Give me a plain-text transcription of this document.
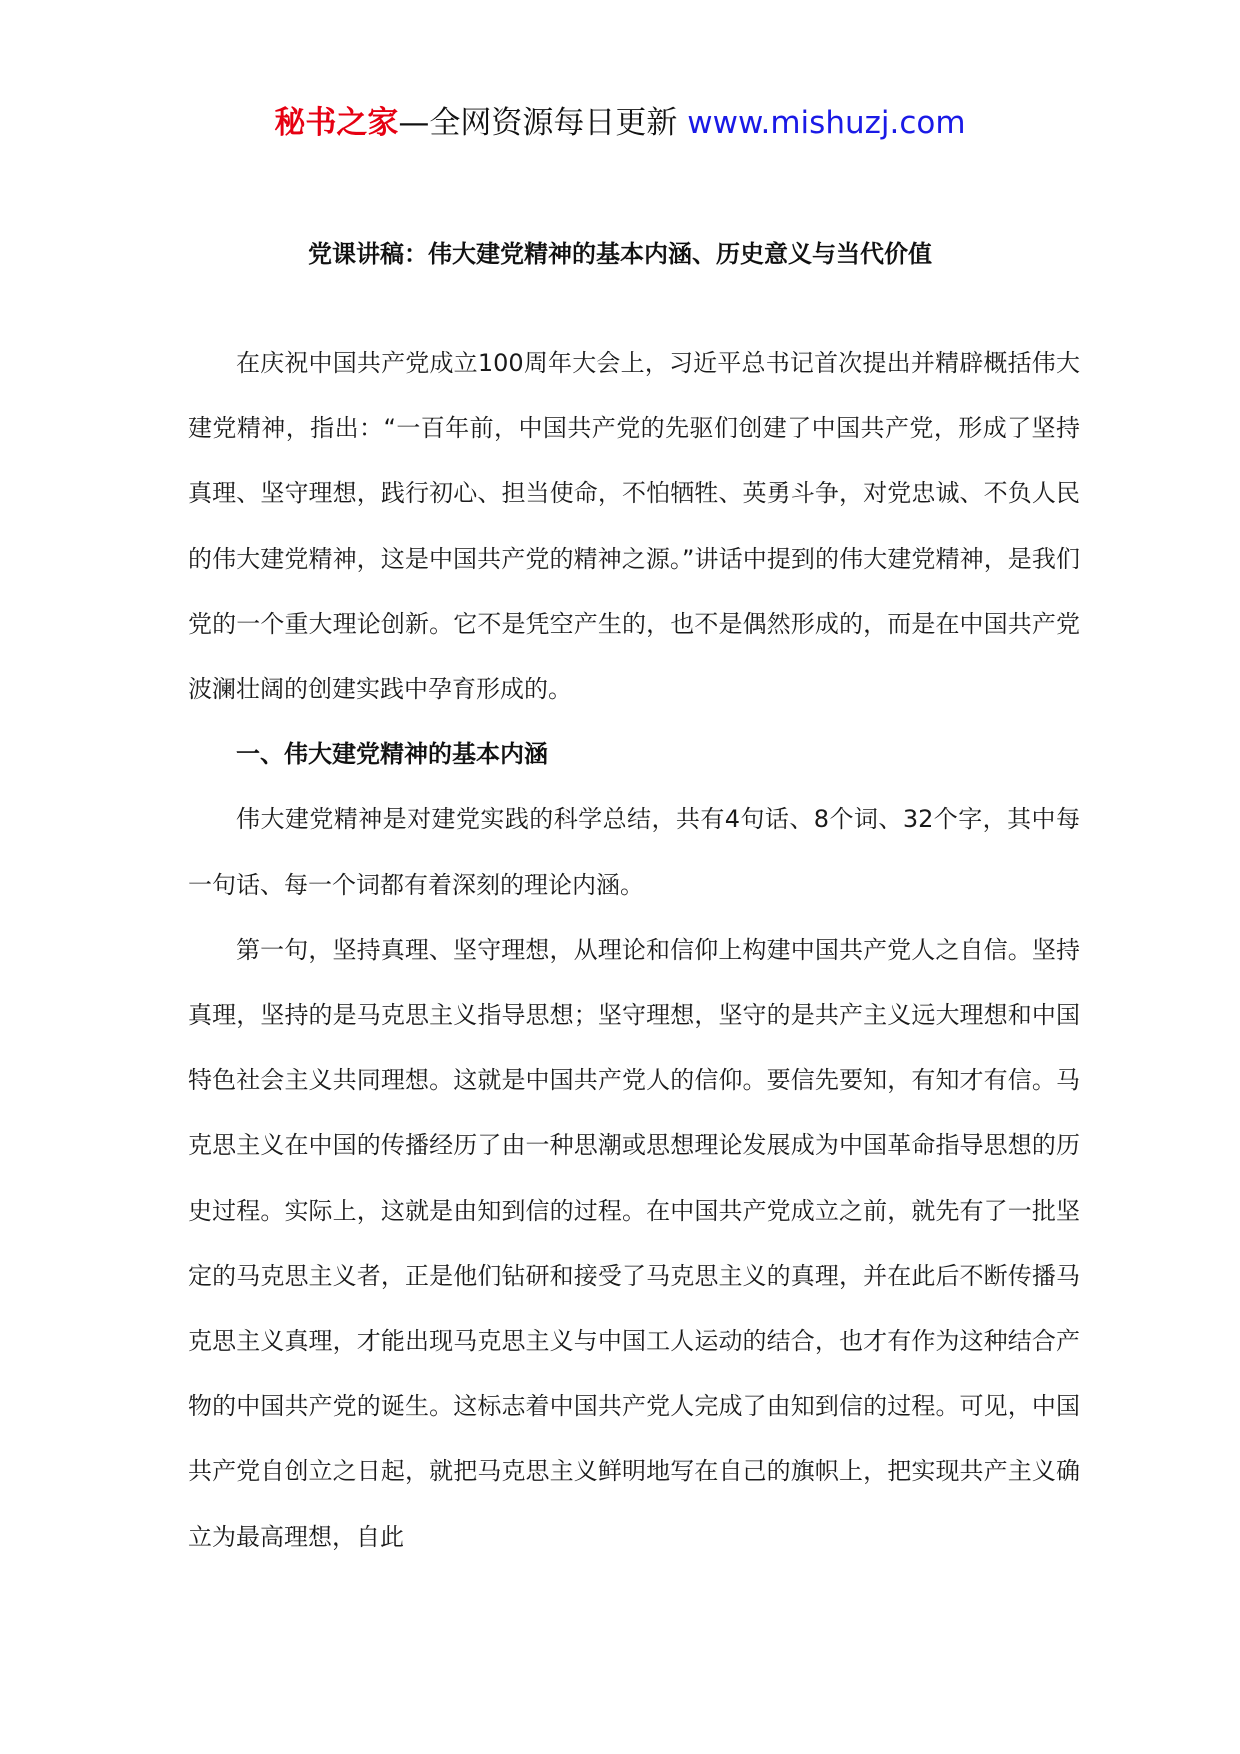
秘书之家—全网资源每日更新 www.mishuzj.com
党课讲稿：伟大建党精神的基本内涵、历史意义与当代价值

在庆祝中国共产党成立100周年大会上，习近平总书记首次提出并精辟概括伟大建党精神，指出：“一百年前，中国共产党的先驱们创建了中国共产党，形成了坚持真理、坚守理想，践行初心、担当使命，不怕牺牲、英勇斗争，对党忠诚、不负人民的伟大建党精神，这是中国共产党的精神之源。”讲话中提到的伟大建党精神，是我们党的一个重大理论创新。它不是凭空产生的，也不是偶然形成的，而是在中国共产党波澜壮阔的创建实践中孕育形成的。

一、伟大建党精神的基本内涵

伟大建党精神是对建党实践的科学总结，共有4句话、8个词、32个字，其中每一句话、每一个词都有着深刻的理论内涵。

第一句，坚持真理、坚守理想，从理论和信仰上构建中国共产党人之自信。坚持真理，坚持的是马克思主义指导思想；坚守理想，坚守的是共产主义远大理想和中国特色社会主义共同理想。这就是中国共产党人的信仰。要信先要知，有知才有信。马克思主义在中国的传播经历了由一种思潮或思想理论发展成为中国革命指导思想的历史过程。实际上，这就是由知到信的过程。在中国共产党成立之前，就先有了一批坚定的马克思主义者，正是他们钻研和接受了马克思主义的真理，并在此后不断传播马克思主义真理，才能出现马克思主义与中国工人运动的结合，也才有作为这种结合产物的中国共产党的诞生。这标志着中国共产党人完成了由知到信的过程。可见，中国共产党自创立之日起，就把马克思主义鲜明地写在自己的旗帜上，把实现共产主义确立为最高理想，自此
